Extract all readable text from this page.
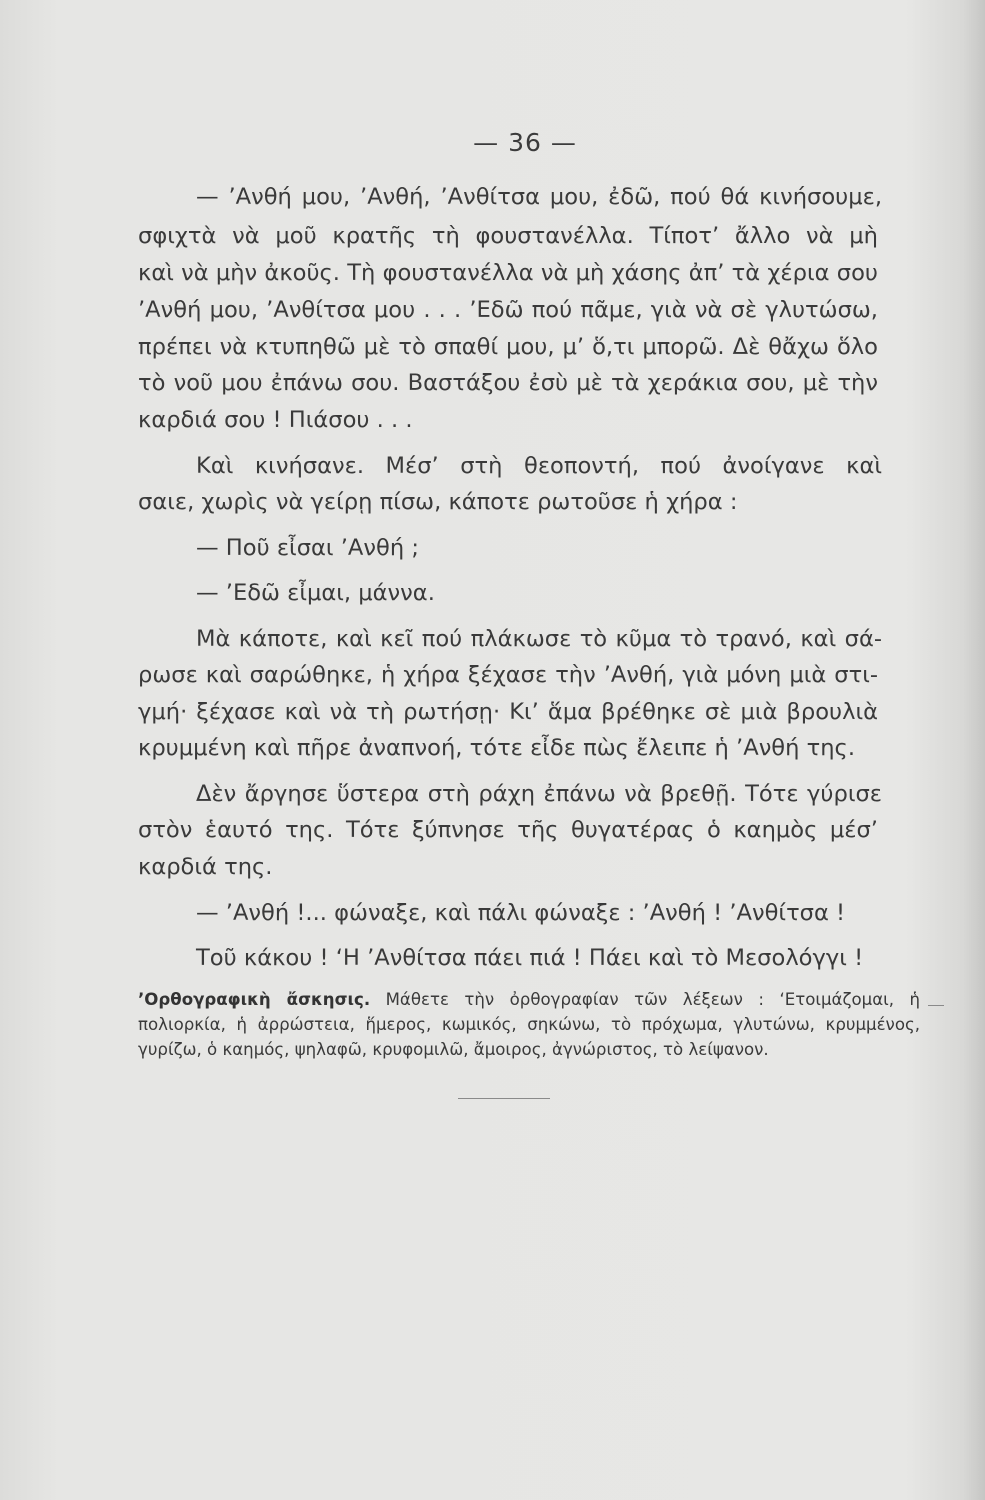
— 36 —
— ’Ανθή μου, ’Ανθή, ’Ανθίτσα μου, ἐδῶ, πού θά κινήσουμε,
σφιχτὰ νὰ μοῦ κρατῆς τὴ φουστανέλλα. Τίποτ’ ἄλλο νὰ μὴ
καὶ νὰ μὴν ἀκοῦς. Τὴ φουστανέλλα νὰ μὴ χάσης ἀπ’ τὰ χέρια σου
’Ανθή μου, ’Ανθίτσα μου . . . ’Εδῶ πού πᾶμε, γιὰ νὰ σὲ γλυτώσω,
πρέπει νὰ κτυπηθῶ μὲ τὸ σπαθί μου, μ’ ὅ,τι μπορῶ. Δὲ θἄχω ὅλο
τὸ νοῦ μου ἐπάνω σου. Βαστάξου ἐσὺ μὲ τὰ χεράκια σου, μὲ τὴν
καρδιά σου ! Πιάσου . . .
Καὶ κινήσανε. Μέσ’ στὴ θεοποντή, πού ἀνοίγανε καὶ
σαιε, χωρὶς νὰ γείρῃ πίσω, κάποτε ρωτοῦσε ἡ χήρα :
— Ποῦ εἶσαι ’Ανθή ;
— ’Εδῶ εἶμαι, μάννα.
Μὰ κάποτε, καὶ κεῖ πού πλάκωσε τὸ κῦμα τὸ τρανό, καὶ σά-
ρωσε καὶ σαρώθηκε, ἡ χήρα ξέχασε τὴν ’Ανθή, γιὰ μόνη μιὰ στι-
γμή· ξέχασε καὶ νὰ τὴ ρωτήσῃ· Κι’ ἅμα βρέθηκε σὲ μιὰ βρουλιὰ
κρυμμένη καὶ πῆρε ἀναπνοή, τότε εἶδε πὼς ἔλειπε ἡ ’Ανθή της.
Δὲν ἄργησε ὕστερα στὴ ράχη ἐπάνω νὰ βρεθῇ. Τότε γύρισε
στὸν ἑαυτό της. Τότε ξύπνησε τῆς θυγατέρας ὁ καημὸς μέσ’
καρδιά της.
— ’Ανθή !... φώναξε, καὶ πάλι φώναξε : ’Ανθή ! ’Ανθίτσα !
Τοῦ κάκου ! ‘Η ’Ανθίτσα πάει πιά ! Πάει καὶ τὸ Μεσολόγγι !
’Ορθογραφικὴ ἄσκησις. Μάθετε τὴν ὀρθογραφίαν τῶν λέξεων : ‘Ετοιμάζομαι, ἡ πολιορκία, ἡ ἀρρώστεια, ἥμερος, κωμικός, σηκώνω, τὸ πρόχωμα, γλυτώνω, κρυμμένος, γυρίζω, ὁ καημός, ψηλαφῶ, κρυφομιλῶ, ἄμοιρος, ἀγνώριστος, τὸ λείψανον.
